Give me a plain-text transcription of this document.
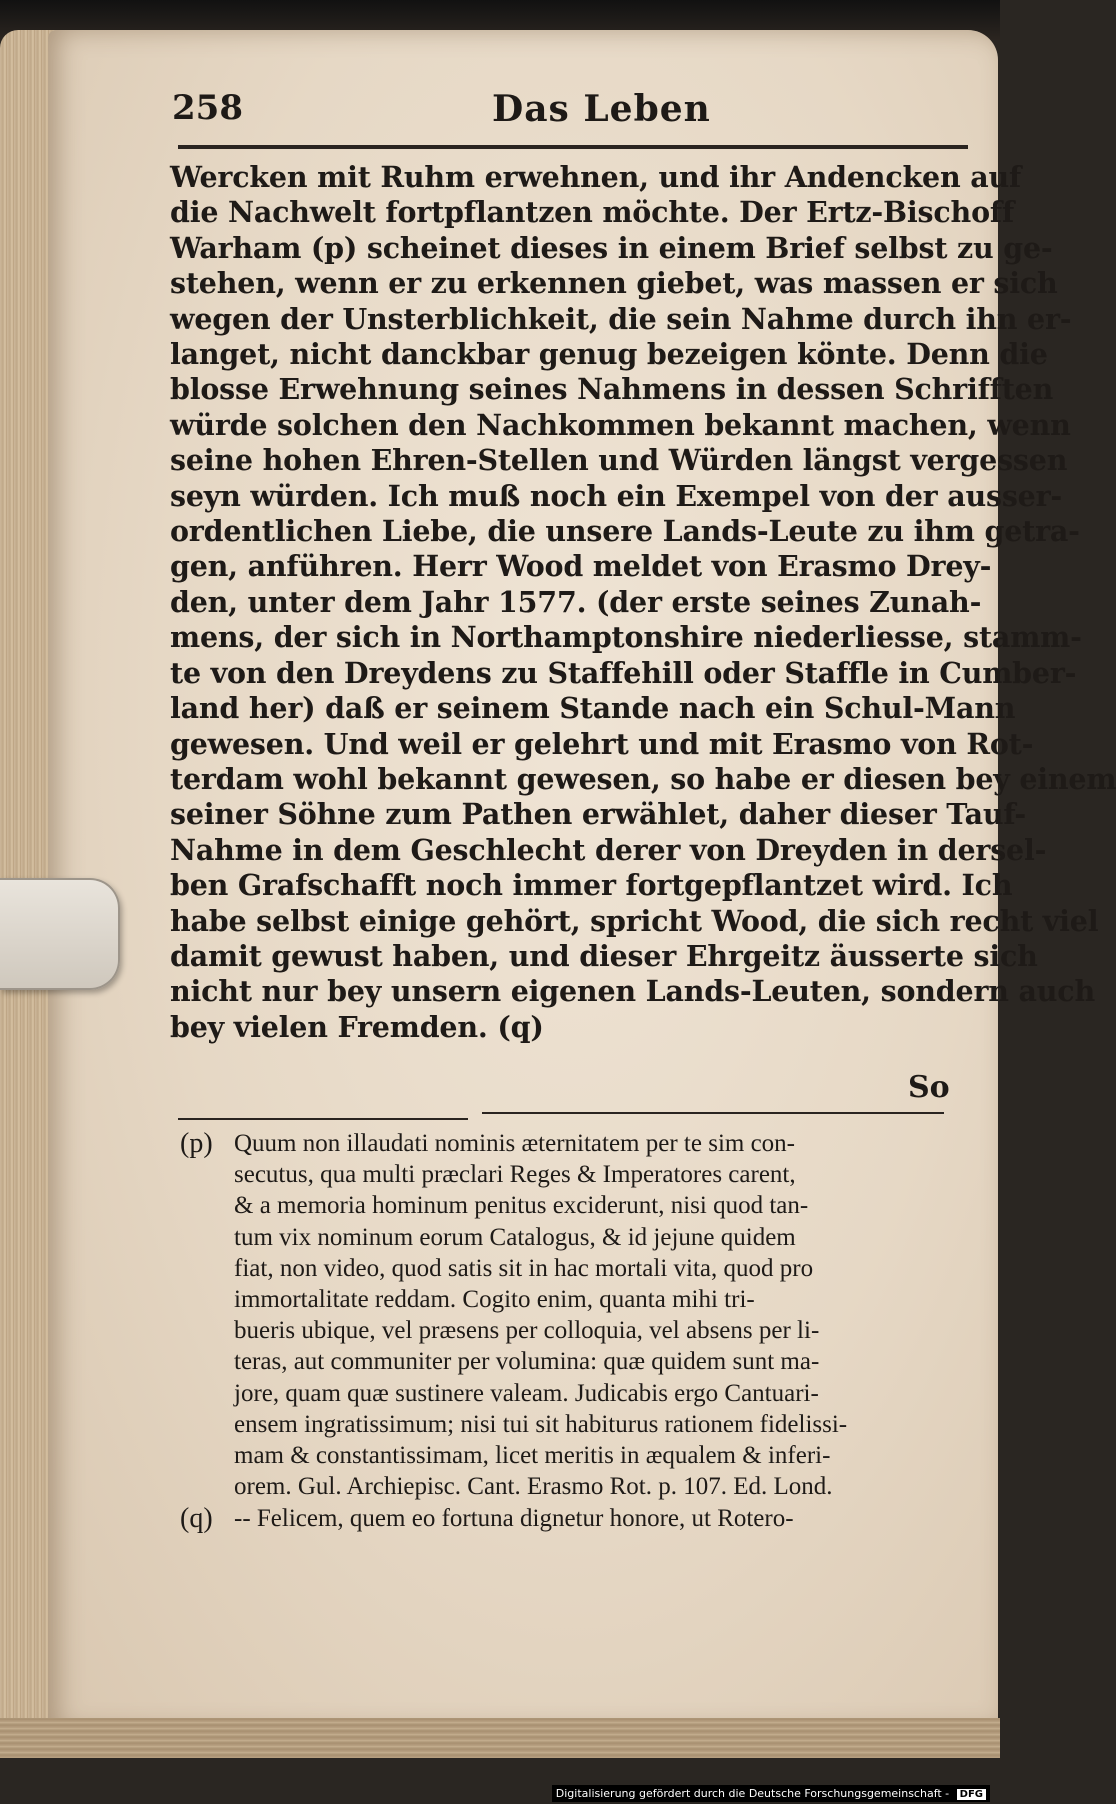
258	Das Leben
Wercken mit Ruhm erwehnen, und ihr Andencken auf
die Nachwelt fortpflantzen möchte. Der Ertz-Bischoff
Warham (p) scheinet dieses in einem Brief selbst zu ge-
stehen, wenn er zu erkennen giebet, was massen er sich
wegen der Unsterblichkeit, die sein Nahme durch ihn er-
langet, nicht danckbar genug bezeigen könte. Denn die
blosse Erwehnung seines Nahmens in dessen Schrifften
würde solchen den Nachkommen bekannt machen, wenn
seine hohen Ehren-Stellen und Würden längst vergessen
seyn würden. Ich muß noch ein Exempel von der ausser-
ordentlichen Liebe, die unsere Lands-Leute zu ihm getra-
gen, anführen. Herr Wood meldet von Erasmo Drey-
den, unter dem Jahr 1577. (der erste seines Zunah-
mens, der sich in Northamptonshire niederliesse, stamm-
te von den Dreydens zu Staffehill oder Staffle in Cumber-
land her) daß er seinem Stande nach ein Schul-Mann
gewesen. Und weil er gelehrt und mit Erasmo von Rot-
terdam wohl bekannt gewesen, so habe er diesen bey einem
seiner Söhne zum Pathen erwählet, daher dieser Tauf-
Nahme in dem Geschlecht derer von Dreyden in dersel-
ben Grafschafft noch immer fortgepflantzet wird. Ich
habe selbst einige gehört, spricht Wood, die sich recht viel
damit gewust haben, und dieser Ehrgeitz äusserte sich
nicht nur bey unsern eigenen Lands-Leuten, sondern auch
bey vielen Fremden. (q)
So
(p) Quum non illaudati nominis æternitatem per te sim con-
secutus, qua multi præclari Reges & Imperatores carent,
& a memoria hominum penitus exciderunt, nisi quod tan-
tum vix nominum eorum Catalogus, & id jejune quidem
fiat, non video, quod satis sit in hac mortali vita, quod pro
immortalitate reddam. Cogito enim, quanta mihi tri-
bueris ubique, vel præsens per colloquia, vel absens per li-
teras, aut communiter per volumina: quæ quidem sunt ma-
jore, quam quæ sustinere valeam. Judicabis ergo Cantuari-
ensem ingratissimum; nisi tui sit habiturus rationem fidelissi-
mam & constantissimam, licet meritis in æqualem & inferi-
orem. Gul. Archiepisc. Cant. Erasmo Rot. p. 107. Ed. Lond.
(q) -- Felicem, quem eo fortuna dignetur honore, ut Rotero-
Digitalisierung gefördert durch die Deutsche Forschungsgemeinschaft - DFG
